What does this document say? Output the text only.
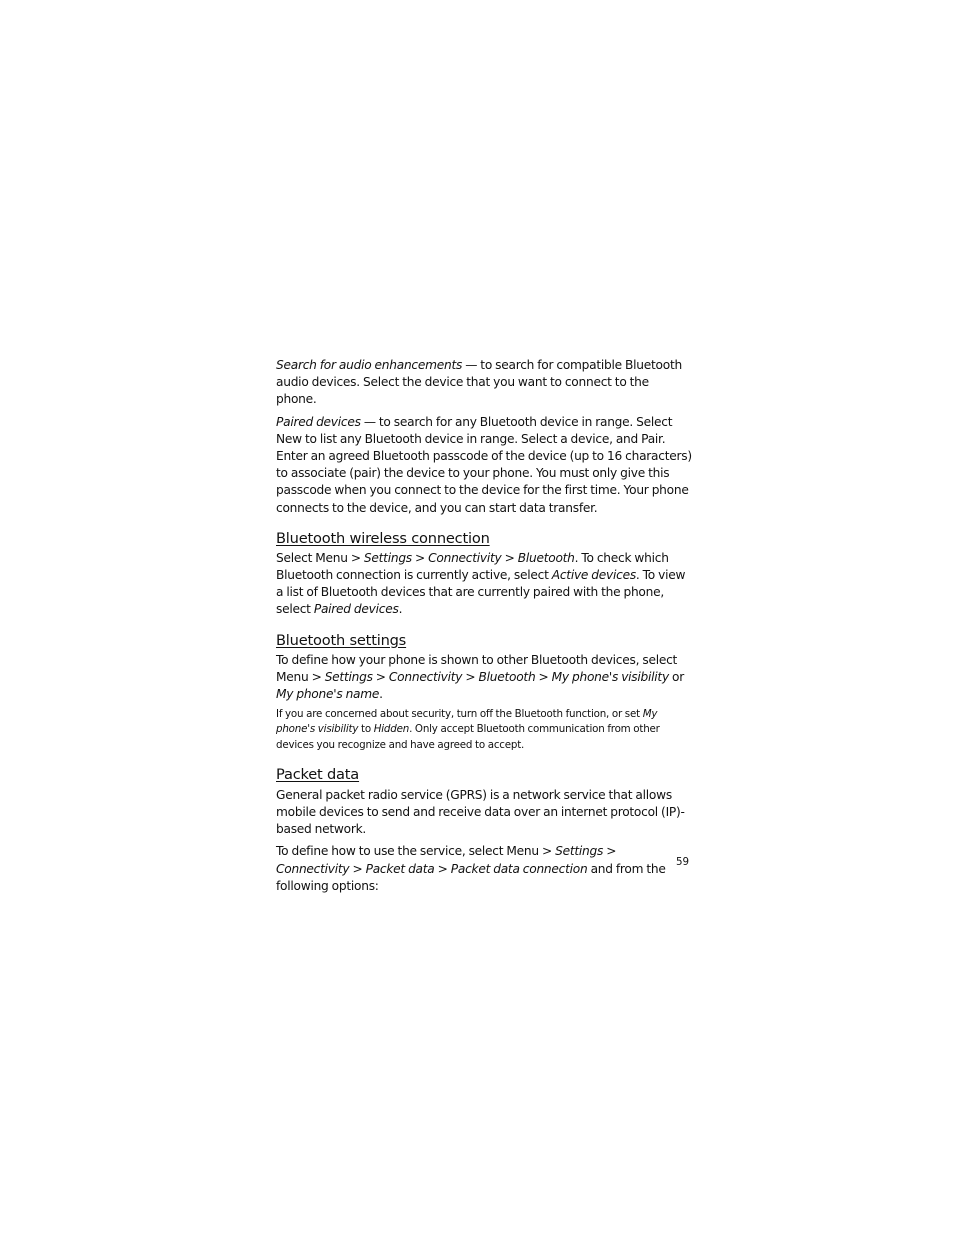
Search for audio enhancements — to search for compatible Bluetooth audio devices. Select the device that you want to connect to the phone.

Paired devices — to search for any Bluetooth device in range. Select New to list any Bluetooth device in range. Select a device, and Pair. Enter an agreed Bluetooth passcode of the device (up to 16 characters) to associate (pair) the device to your phone. You must only give this passcode when you connect to the device for the first time. Your phone connects to the device, and you can start data transfer.

Bluetooth wireless connection

Select Menu > Settings > Connectivity > Bluetooth. To check which Bluetooth connection is currently active, select Active devices. To view a list of Bluetooth devices that are currently paired with the phone, select Paired devices.

Bluetooth settings

To define how your phone is shown to other Bluetooth devices, select Menu > Settings > Connectivity > Bluetooth > My phone's visibility or My phone's name.

If you are concerned about security, turn off the Bluetooth function, or set My phone's visibility to Hidden. Only accept Bluetooth communication from other devices you recognize and have agreed to accept.

Packet data

General packet radio service (GPRS) is a network service that allows mobile devices to send and receive data over an internet protocol (IP)-based network.

To define how to use the service, select Menu > Settings > Connectivity > Packet data > Packet data connection and from the following options:

59
